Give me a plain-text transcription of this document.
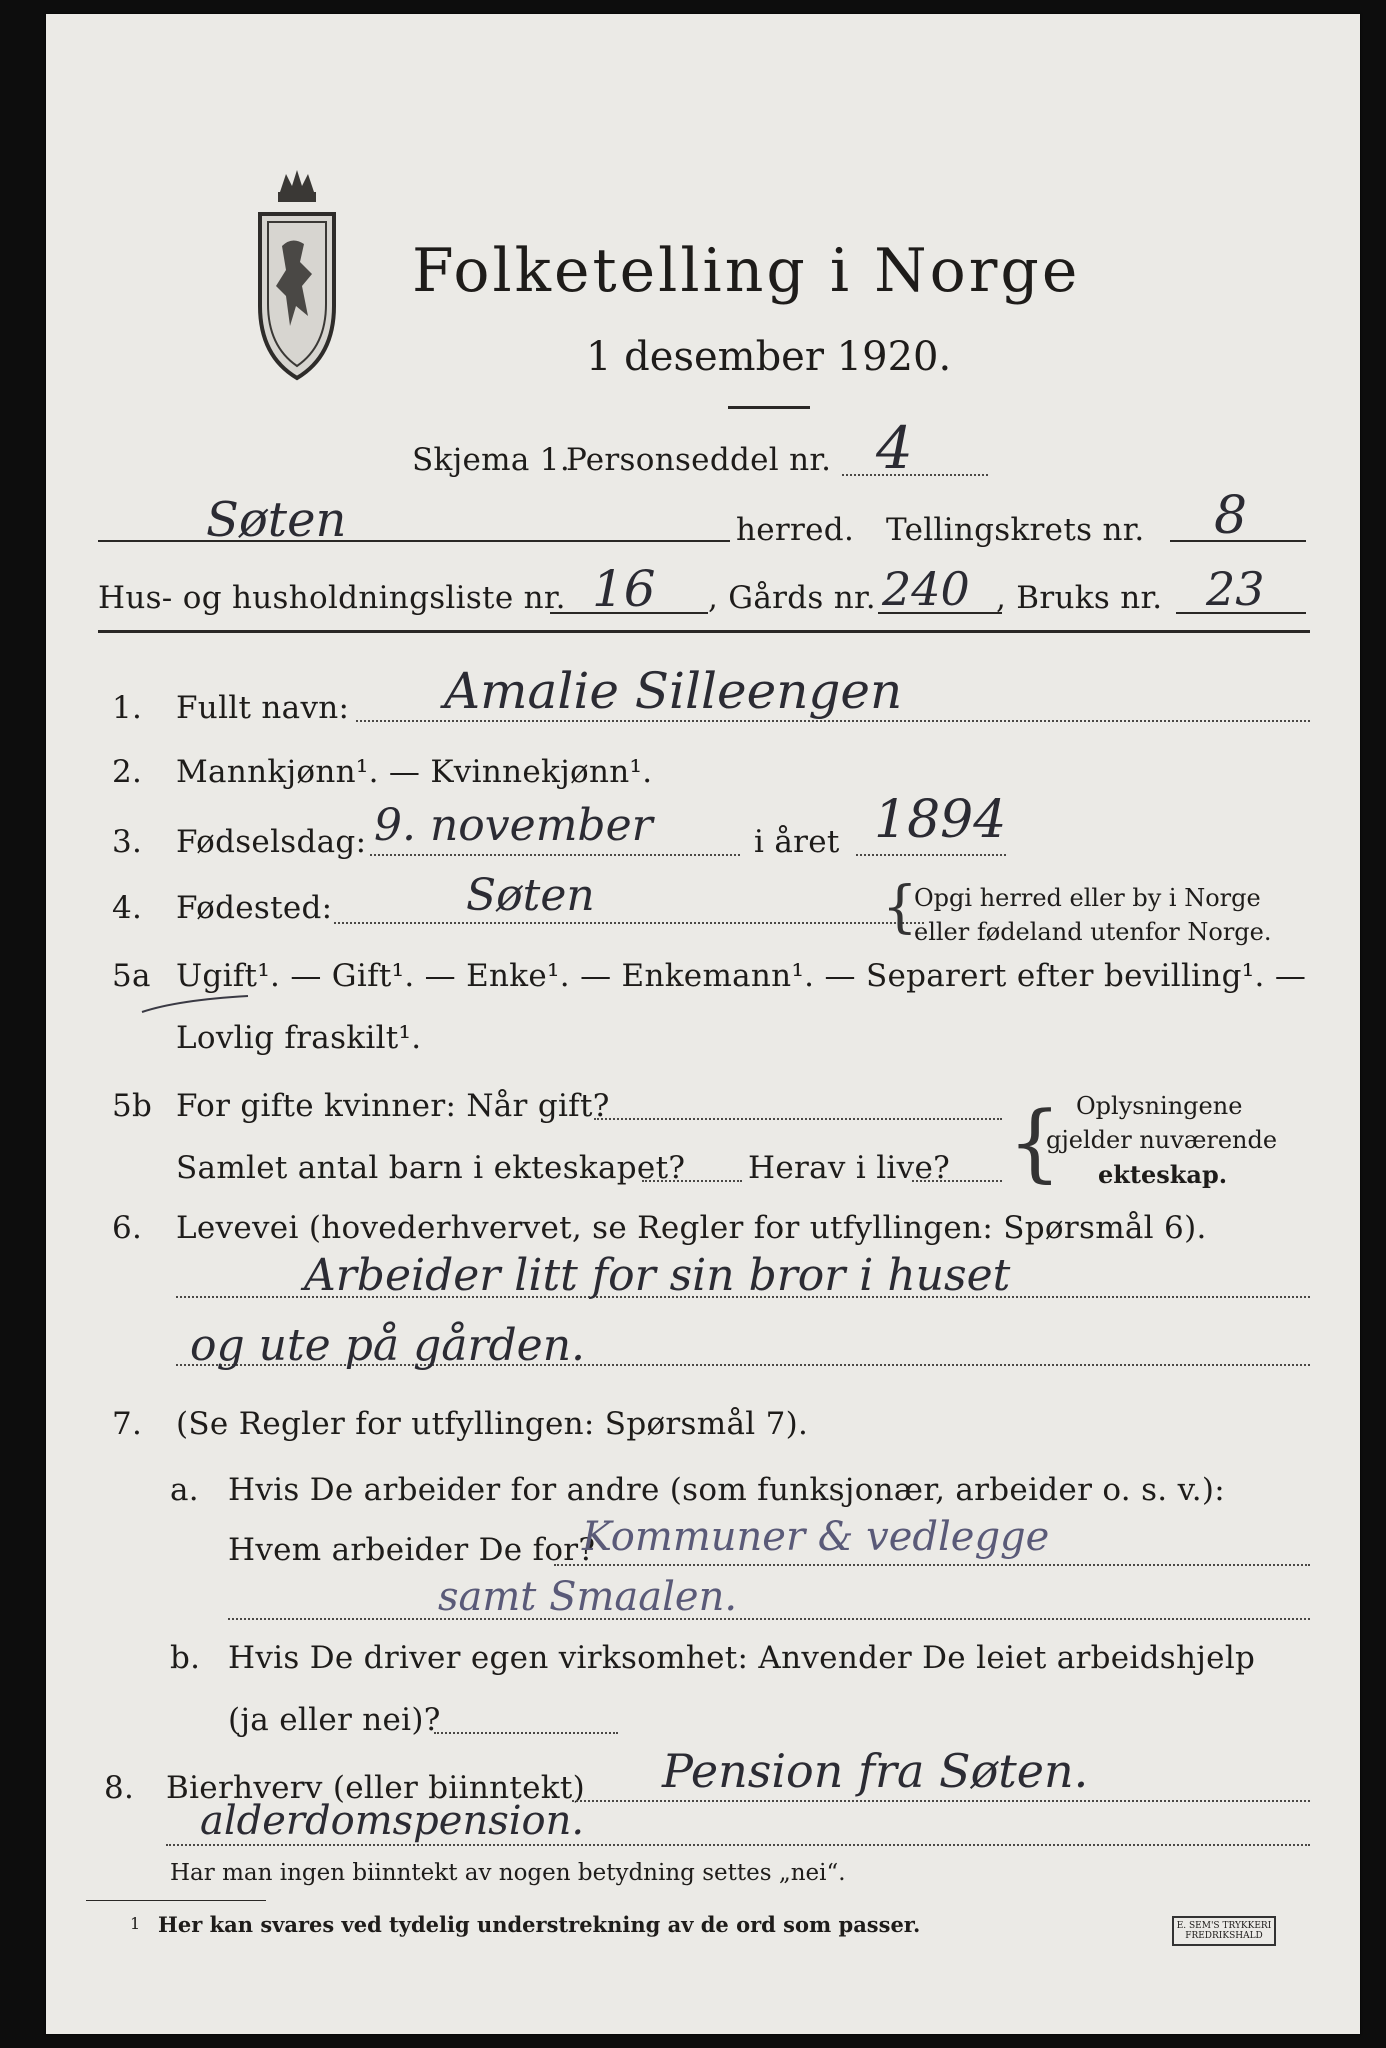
Folketelling i Norge
1 desember 1920.
Skjema 1.
Personseddel nr. 4
Søten	herred. Tellingskrets nr. 8
Hus- og husholdningsliste nr. 16 , Gårds nr. 240 , Bruks nr. 23
1. Fullt navn: Amalie Silleengen
2. Mannkjønn¹. — Kvinnekjønn¹.
3. Fødselsdag: 9. november	i året 1894
4. Fødested:	Søten	{
Opgi herred eller by i Norge
eller fødeland utenfor Norge.
5a Ugift¹. — Gift¹. — Enke¹. — Enkemann¹. — Separert efter bevilling¹. —
Lovlig fraskilt¹.
5b For gifte kvinner: Når gift?
Samlet antal barn i ekteskapet? Herav i live? { Oplysningene
gjelder nuværende
ekteskap.
6. Levevei (hovederhvervet, se Regler for utfyllingen: Spørsmål 6).
Arbeider litt for sin bror i huset
og ute på gården.
7. (Se Regler for utfyllingen: Spørsmål 7).
a. Hvis De arbeider for andre (som funksjonær, arbeider o. s. v.):
Hvem arbeider De for?
Kommuner & vedlegge
samt Smaalen.
b. Hvis De driver egen virksomhet: Anvender De leiet arbeidshjelp
(ja eller nei)?
8. Bierhverv (eller biinntekt) Pension fra Søten.
alderdomspension.
Har man ingen biinntekt av nogen betydning settes „nei“.
1 Her kan svares ved tydelig understrekning av de ord som passer.	E. SEM'S TRYKKERI
FREDRIKSHALD
